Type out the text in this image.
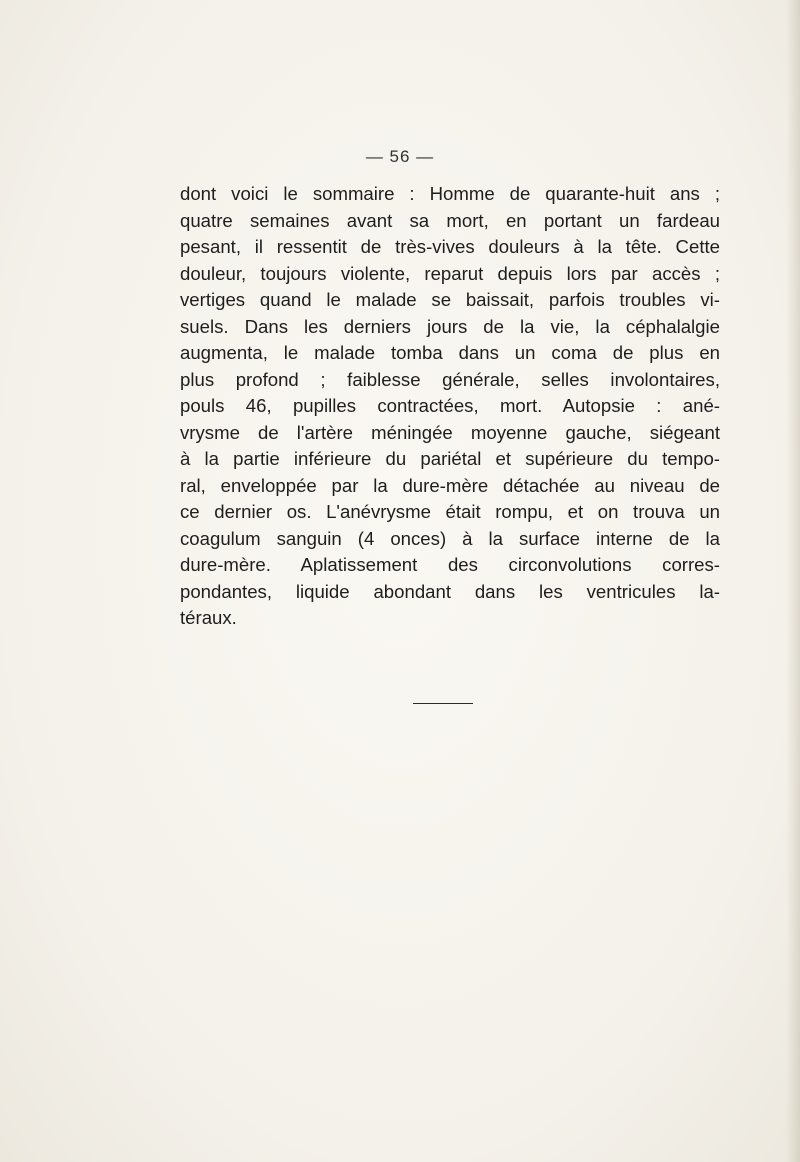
— 56 —
dont voici le sommaire : Homme de quarante-huit ans ;
quatre semaines avant sa mort, en portant un fardeau
pesant, il ressentit de très-vives douleurs à la tête. Cette
douleur, toujours violente, reparut depuis lors par accès ;
vertiges quand le malade se baissait, parfois troubles vi-
suels. Dans les derniers jours de la vie, la céphalalgie
augmenta, le malade tomba dans un coma de plus en
plus profond ; faiblesse générale, selles involontaires,
pouls 46, pupilles contractées, mort. Autopsie : ané-
vrysme de l'artère méningée moyenne gauche, siégeant
à la partie inférieure du pariétal et supérieure du tempo-
ral, enveloppée par la dure-mère détachée au niveau de
ce dernier os. L'anévrysme était rompu, et on trouva un
coagulum sanguin (4 onces) à la surface interne de la
dure-mère. Aplatissement des circonvolutions corres-
pondantes, liquide abondant dans les ventricules la-
téraux.
